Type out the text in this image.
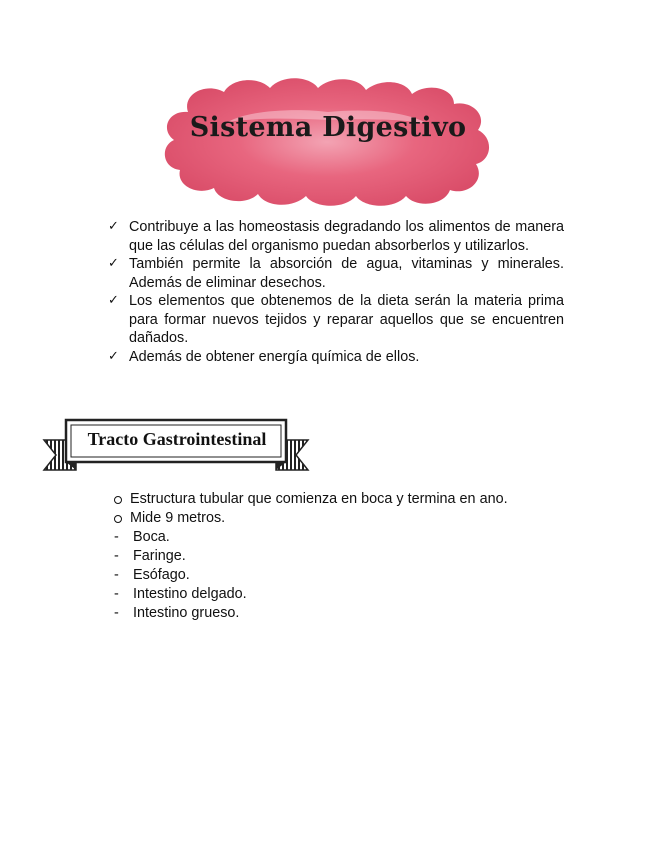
Sistema Digestivo
✓ Contribuye a las homeostasis degradando los alimentos de manera que las células del organismo puedan absorberlos y utilizarlos.
✓ También permite la absorción de agua, vitaminas y minerales. Además de eliminar desechos.
✓ Los elementos que obtenemos de la dieta serán la materia prima para formar nuevos tejidos y reparar aquellos que se encuentren dañados.
✓ Además de obtener energía química de ellos.
Tracto Gastrointestinal
Estructura tubular que comienza en boca y termina en ano.
Mide 9 metros.
- Boca.
- Faringe.
- Esófago.
- Intestino delgado.
- Intestino grueso.
